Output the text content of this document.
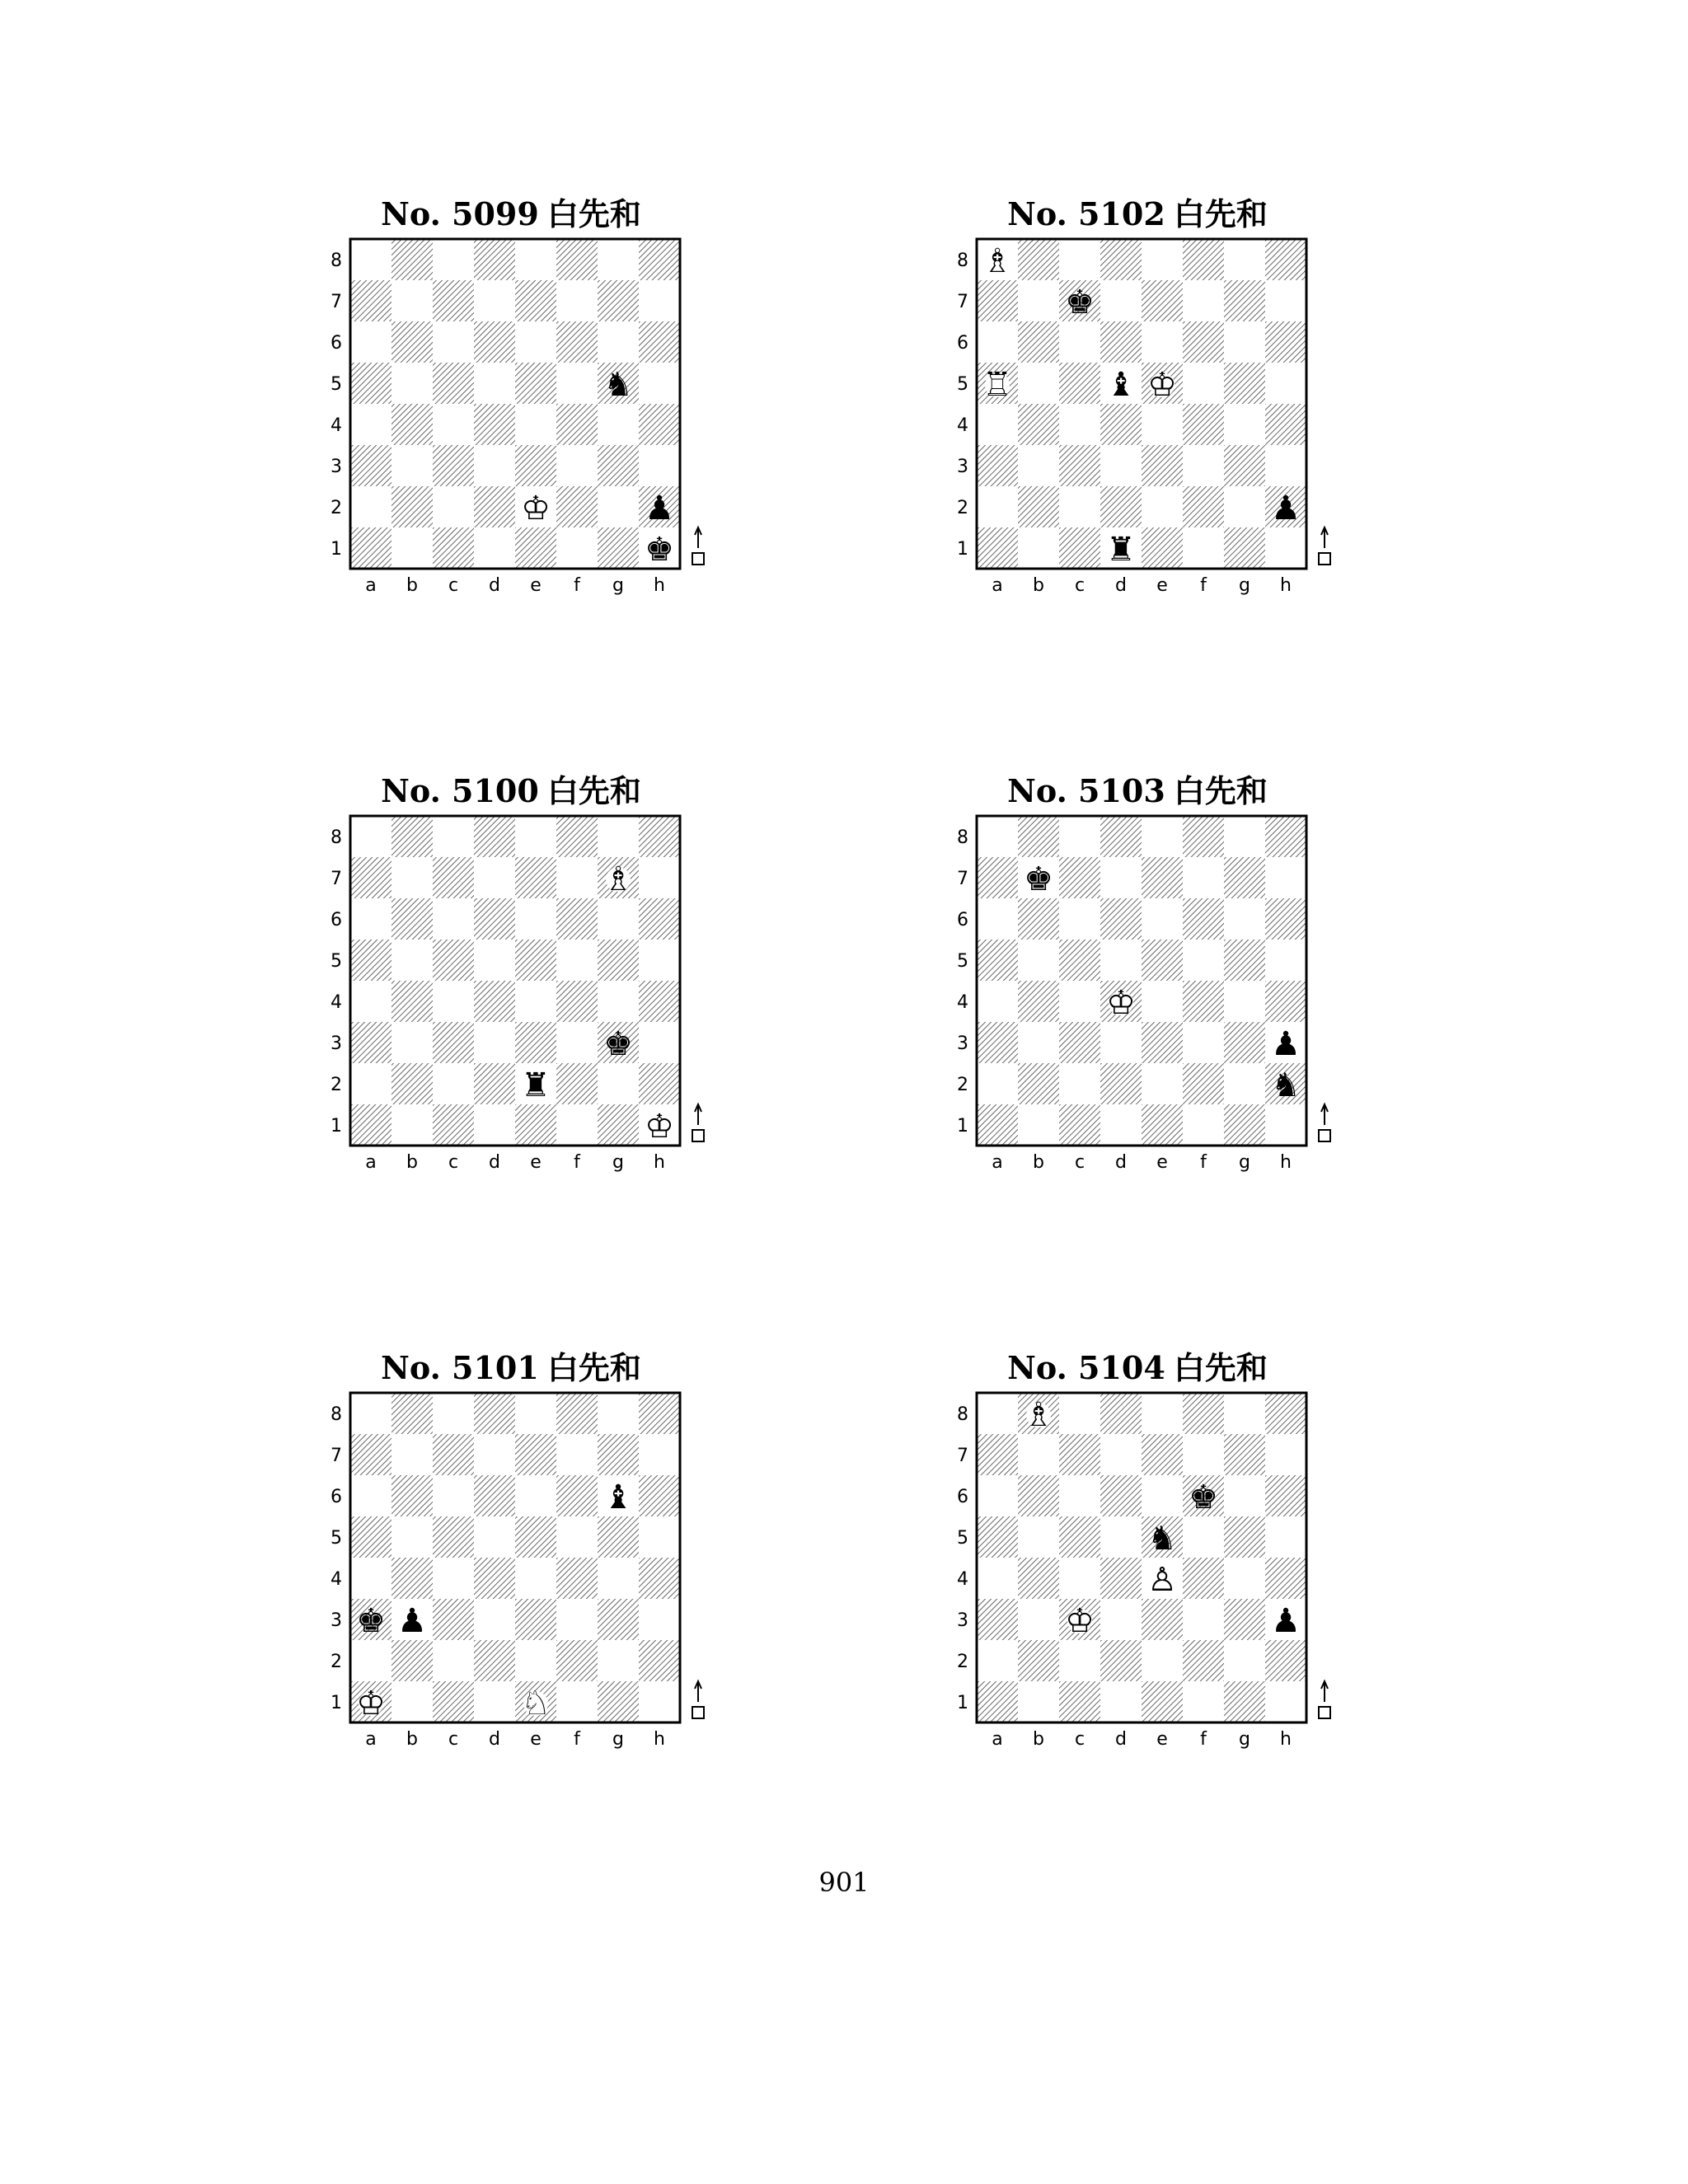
No. 5099 白先和
8
7
6
5
4
3
2
1
a b c d e f g h
♞
♔	♟
♚
No. 5100 白先和
8
7
6
5
4
3
2
1
a b c d e f g h
♗
♚
♜
♔
No. 5101 白先和
8
7
6
5
4
3
2
1
a b c d e f g h
♝
♚ ♟
♔	♘
No. 5102 白先和
8
7
6
5
4
3
2
1
a b c d e f g h
♗
♚
♖	♝ ♔
♟
♜
No. 5103 白先和
8
7
6
5
4
3
2
1
a b c d e f g h
♚
♔
♟
♞
No. 5104 白先和
8
7
6
5
4
3
2
1
a b c d e f g h
♗
♚
♞
♙
♔	♟
901
